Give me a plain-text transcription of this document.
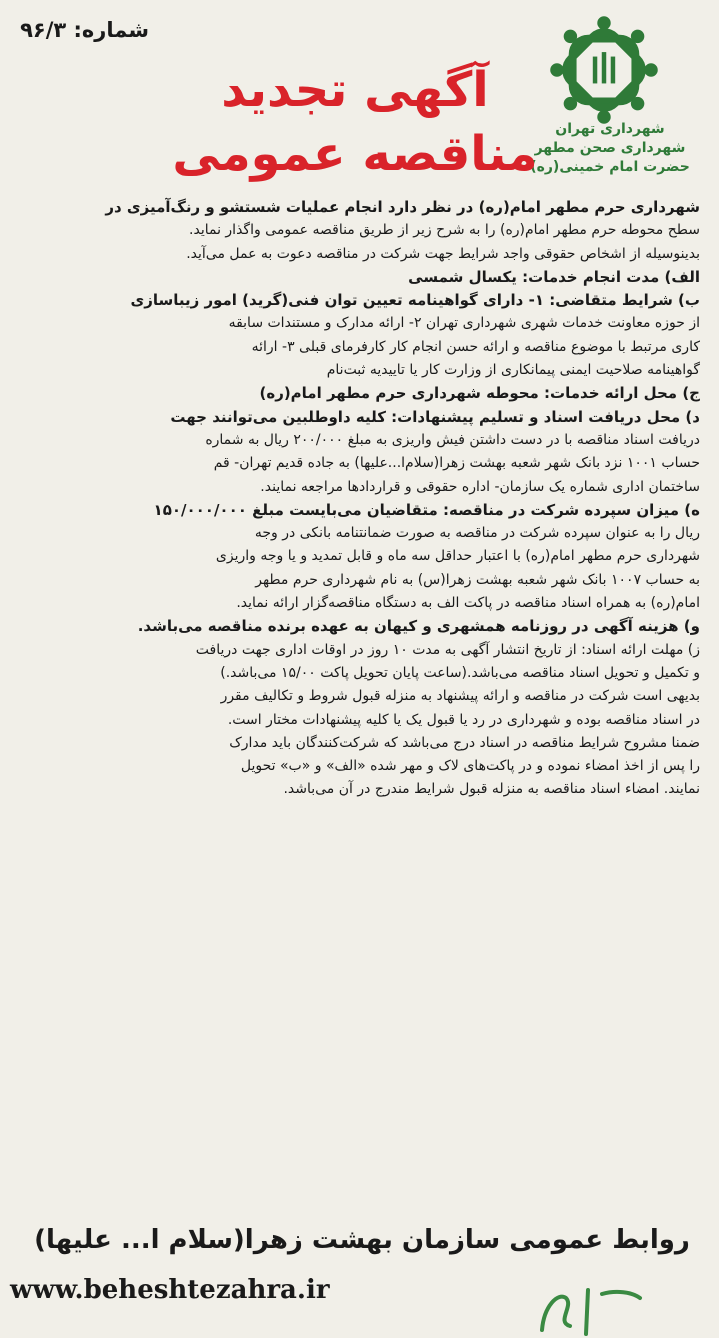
شهرداری تهران
شهرداری صحن مطهر
حضرت امام خمینی(ره)
شماره: ۹۶/۳
آگهی تجدید
مناقصه عمومی
شهرداری حرم مطهر امام(ره) در نظر دارد انجام عملیات شستشو و رنگ‌آمیزی در
سطح محوطه حرم مطهر امام(ره) را به شرح زیر از طریق مناقصه عمومی واگذار نماید.
بدینوسیله از اشخاص حقوقی واجد شرایط جهت شرکت در مناقصه دعوت به عمل می‌آید.
الف) مدت انجام خدمات: یکسال شمسی
ب) شرایط متقاضی: ۱- دارای گواهینامه تعیین توان فنی(گرید) امور زیباسازی
از حوزه معاونت خدمات شهری شهرداری تهران ۲- ارائه مدارک و مستندات سابقه
کاری مرتبط با موضوع مناقصه و ارائه حسن انجام کار کارفرمای قبلی ۳- ارائه
گواهینامه صلاحیت ایمنی پیمانکاری از وزارت کار یا تاییدیه ثبت‌نام
ج) محل ارائه خدمات: محوطه شهرداری حرم مطهر امام(ره)
د) محل دریافت اسناد و تسلیم پیشنهادات: کلیه داوطلبین می‌توانند جهت
دریافت اسناد مناقصه با در دست داشتن فیش واریزی به مبلغ ۲۰۰/۰۰۰ ریال به شماره
حساب ۱۰۰۱ نزد بانک شهر شعبه بهشت زهرا(سلام‌ا...علیها) به جاده قدیم تهران- قم
ساختمان اداری شماره یک سازمان- اداره حقوقی و قراردادها مراجعه نمایند.
ه) میزان سپرده شرکت در مناقصه: متقاضیان می‌بایست مبلغ ۱۵۰/۰۰۰/۰۰۰
ریال را به عنوان سپرده شرکت در مناقصه به صورت ضمانتنامه بانکی در وجه
شهرداری حرم مطهر امام(ره) با اعتبار حداقل سه ماه و قابل تمدید و یا وجه واریزی
به حساب ۱۰۰۷ بانک شهر شعبه بهشت زهرا(س) به نام شهرداری حرم مطهر
امام(ره) به همراه اسناد مناقصه در پاکت الف به دستگاه مناقصه‌گزار ارائه نماید.
و) هزینه آگهی در روزنامه همشهری و کیهان به عهده برنده مناقصه می‌باشد.
ز) مهلت ارائه اسناد: از تاریخ انتشار آگهی به مدت ۱۰ روز در اوقات اداری جهت دریافت
و تکمیل و تحویل اسناد مناقصه می‌باشد.(ساعت پایان تحویل پاکت ۱۵/۰۰ می‌باشد.)
بدیهی است شرکت در مناقصه و ارائه پیشنهاد به منزله قبول شروط و تکالیف مقرر
در اسناد مناقصه بوده و شهرداری در رد یا قبول یک یا کلیه پیشنهادات مختار است.
ضمنا مشروح شرایط مناقصه در اسناد درج می‌باشد که شرکت‌کنندگان باید مدارک
را پس از اخذ امضاء نموده و در پاکت‌های لاک و مهر شده «الف» و «ب» تحویل
نمایند. امضاء اسناد مناقصه به منزله قبول شرایط مندرج در آن می‌باشد.
روابط عمومی سازمان بهشت زهرا(سلام ا... علیها)
www.beheshtezahra.ir
